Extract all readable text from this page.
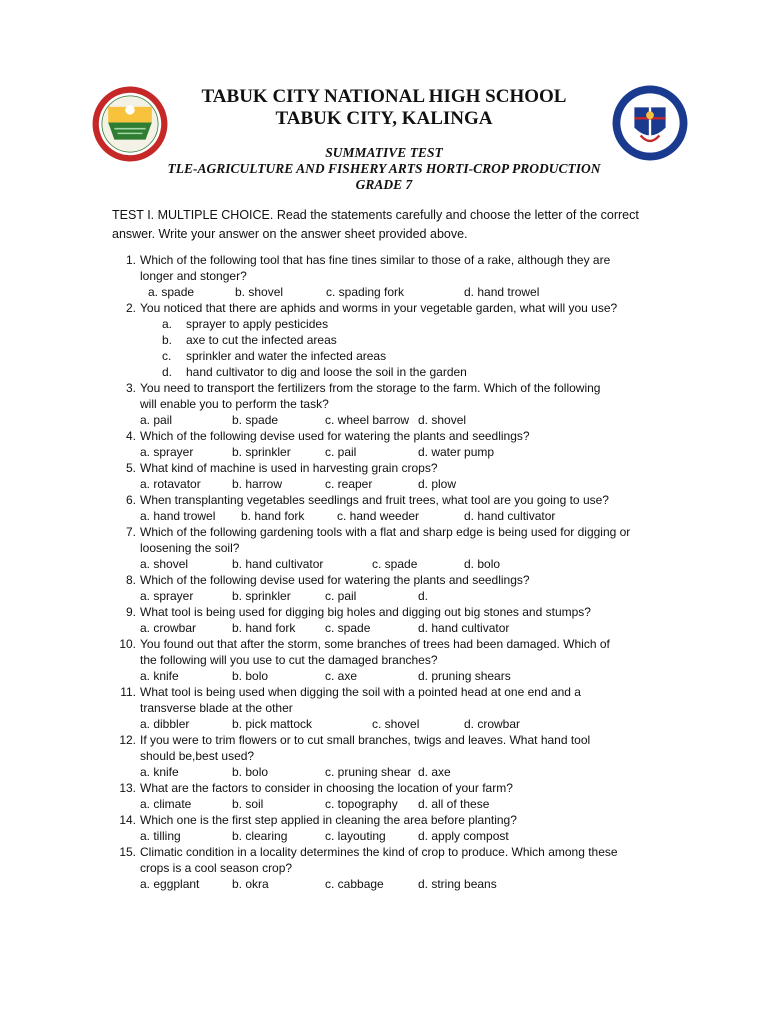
TABUK CITY NATIONAL HIGH SCHOOL
TABUK CITY, KALINGA
SUMMATIVE TEST
TLE-AGRICULTURE AND FISHERY ARTS HORTI-CROP PRODUCTION
GRADE 7
TEST I. MULTIPLE CHOICE. Read the statements carefully and choose the letter of the correct answer. Write your answer on the answer sheet provided above.
1. Which of the following tool that has fine tines similar to those of a rake, although they are
longer and stonger?
a. spade	b. shovel	c. spading fork	d. hand trowel
2. You noticed that there are aphids and worms in your vegetable garden, what will you use?
a. sprayer to apply pesticides
b. axe to cut the infected areas
c. sprinkler and water the infected areas
d. hand cultivator to dig and loose the soil in the garden
3. You need to transport the fertilizers from the storage to the farm. Which of the following
will enable you to perform the task?
a. pail	b. spade	c. wheel barrow d. shovel
4. Which of the following devise used for watering the plants and seedlings?
a. sprayer	b. sprinkler	c. pail	d. water pump
5. What kind of machine is used in harvesting grain crops?
a. rotavator	b. harrow	c. reaper	d. plow
6. When transplanting vegetables seedlings and fruit trees, what tool are you going to use?
a. hand trowel b. hand fork	c. hand weeder	d. hand cultivator
7. Which of the following gardening tools with a flat and sharp edge is being used for digging or
loosening the soil?
a. shovel	b. hand cultivator	c. spade	d. bolo
8. Which of the following devise used for watering the plants and seedlings?
a. sprayer	b. sprinkler	c. pail	d.
9. What tool is being used for digging big holes and digging out big stones and stumps?
a. crowbar	b. hand fork c. spade	d. hand cultivator
10. You found out that after the storm, some branches of trees had been damaged. Which of
the following will you use to cut the damaged branches?
a. knife	b. bolo	c. axe	d. pruning shears
11. What tool is being used when digging the soil with a pointed head at one end and a
transverse blade at the other
a. dibbler	b. pick mattock	c. shovel	d. crowbar
12. If you were to trim flowers or to cut small branches, twigs and leaves. What hand tool
should be,best used?
a. knife	b. bolo	c. pruning shear d. axe
13. What are the factors to consider in choosing the location of your farm?
a. climate	b. soil	c. topography d. all of these
14. Which one is the first step applied in cleaning the area before planting?
a. tilling	b. clearing	c. layouting	d. apply compost
15. Climatic condition in a locality determines the kind of crop to produce. Which among these
crops is a cool season crop?
a. eggplant	b. okra	c. cabbage	d. string beans
